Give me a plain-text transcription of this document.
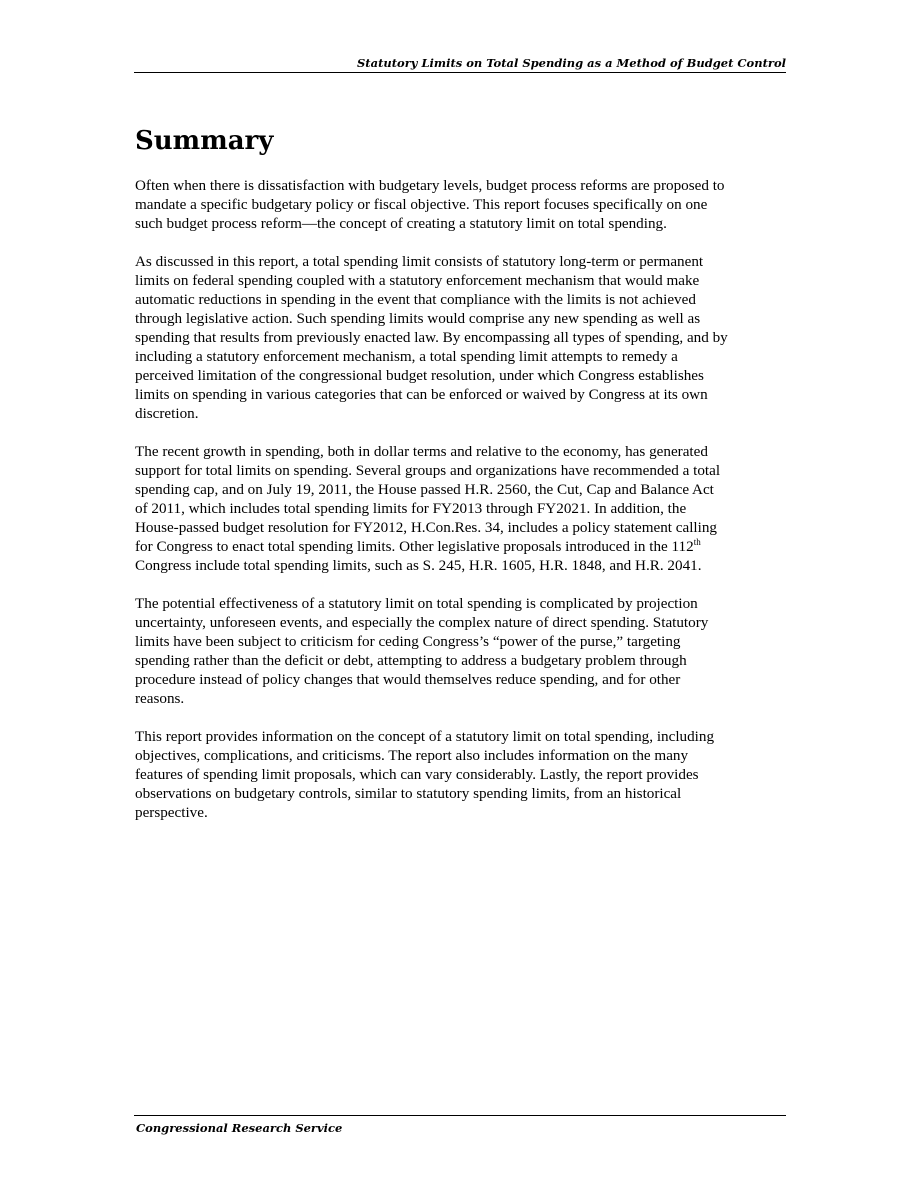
Statutory Limits on Total Spending as a Method of Budget Control
Summary

Often when there is dissatisfaction with budgetary levels, budget process reforms are proposed to
mandate a specific budgetary policy or fiscal objective. This report focuses specifically on one
such budget process reform—the concept of creating a statutory limit on total spending.

As discussed in this report, a total spending limit consists of statutory long-term or permanent
limits on federal spending coupled with a statutory enforcement mechanism that would make
automatic reductions in spending in the event that compliance with the limits is not achieved
through legislative action. Such spending limits would comprise any new spending as well as
spending that results from previously enacted law. By encompassing all types of spending, and by
including a statutory enforcement mechanism, a total spending limit attempts to remedy a
perceived limitation of the congressional budget resolution, under which Congress establishes
limits on spending in various categories that can be enforced or waived by Congress at its own
discretion.

The recent growth in spending, both in dollar terms and relative to the economy, has generated
support for total limits on spending. Several groups and organizations have recommended a total
spending cap, and on July 19, 2011, the House passed H.R. 2560, the Cut, Cap and Balance Act
of 2011, which includes total spending limits for FY2013 through FY2021. In addition, the
House-passed budget resolution for FY2012, H.Con.Res. 34, includes a policy statement calling
for Congress to enact total spending limits. Other legislative proposals introduced in the 112th
Congress include total spending limits, such as S. 245, H.R. 1605, H.R. 1848, and H.R. 2041.

The potential effectiveness of a statutory limit on total spending is complicated by projection
uncertainty, unforeseen events, and especially the complex nature of direct spending. Statutory
limits have been subject to criticism for ceding Congress’s “power of the purse,” targeting
spending rather than the deficit or debt, attempting to address a budgetary problem through
procedure instead of policy changes that would themselves reduce spending, and for other
reasons.

This report provides information on the concept of a statutory limit on total spending, including
objectives, complications, and criticisms. The report also includes information on the many
features of spending limit proposals, which can vary considerably. Lastly, the report provides
observations on budgetary controls, similar to statutory spending limits, from an historical
perspective.

Congressional Research Service
